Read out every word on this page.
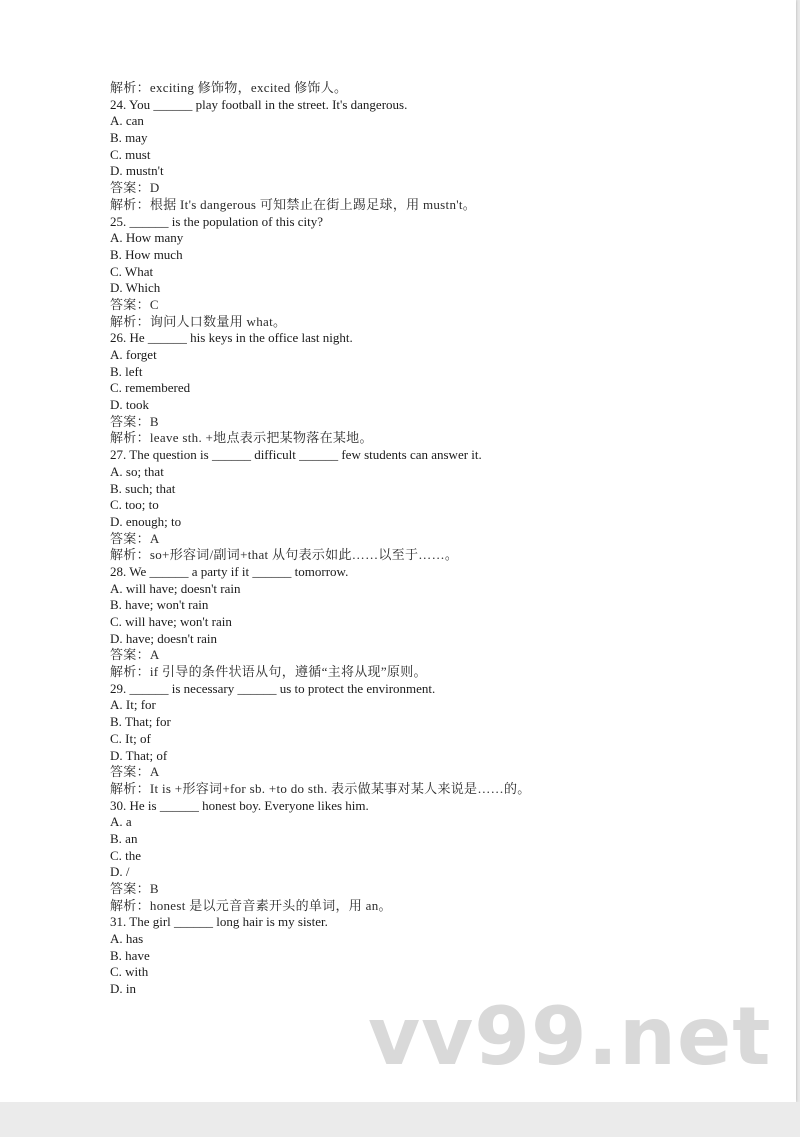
解析：exciting 修饰物，excited 修饰人。
24. You ______ play football in the street. It's dangerous.
A. can
B. may
C. must
D. mustn't
答案：D
解析：根据 It's dangerous 可知禁止在街上踢足球，用 mustn't。
25. ______ is the population of this city?
A. How many
B. How much
C. What
D. Which
答案：C
解析：询问人口数量用 what。
26. He ______ his keys in the office last night.
A. forget
B. left
C. remembered
D. took
答案：B
解析：leave sth. +地点表示把某物落在某地。
27. The question is ______ difficult ______ few students can answer it.
A. so; that
B. such; that
C. too; to
D. enough; to
答案：A
解析：so+形容词/副词+that 从句表示如此……以至于……。
28. We ______ a party if it ______ tomorrow.
A. will have; doesn't rain
B. have; won't rain
C. will have; won't rain
D. have; doesn't rain
答案：A
解析：if 引导的条件状语从句，遵循“主将从现”原则。
29. ______ is necessary ______ us to protect the environment.
A. It; for
B. That; for
C. It; of
D. That; of
答案：A
解析：It is +形容词+for sb. +to do sth. 表示做某事对某人来说是……的。
30. He is ______ honest boy. Everyone likes him.
A. a
B. an
C. the
D. /
答案：B
解析：honest 是以元音音素开头的单词，用 an。
31. The girl ______ long hair is my sister.
A. has
B. have
C. with
D. in
vv99.net
